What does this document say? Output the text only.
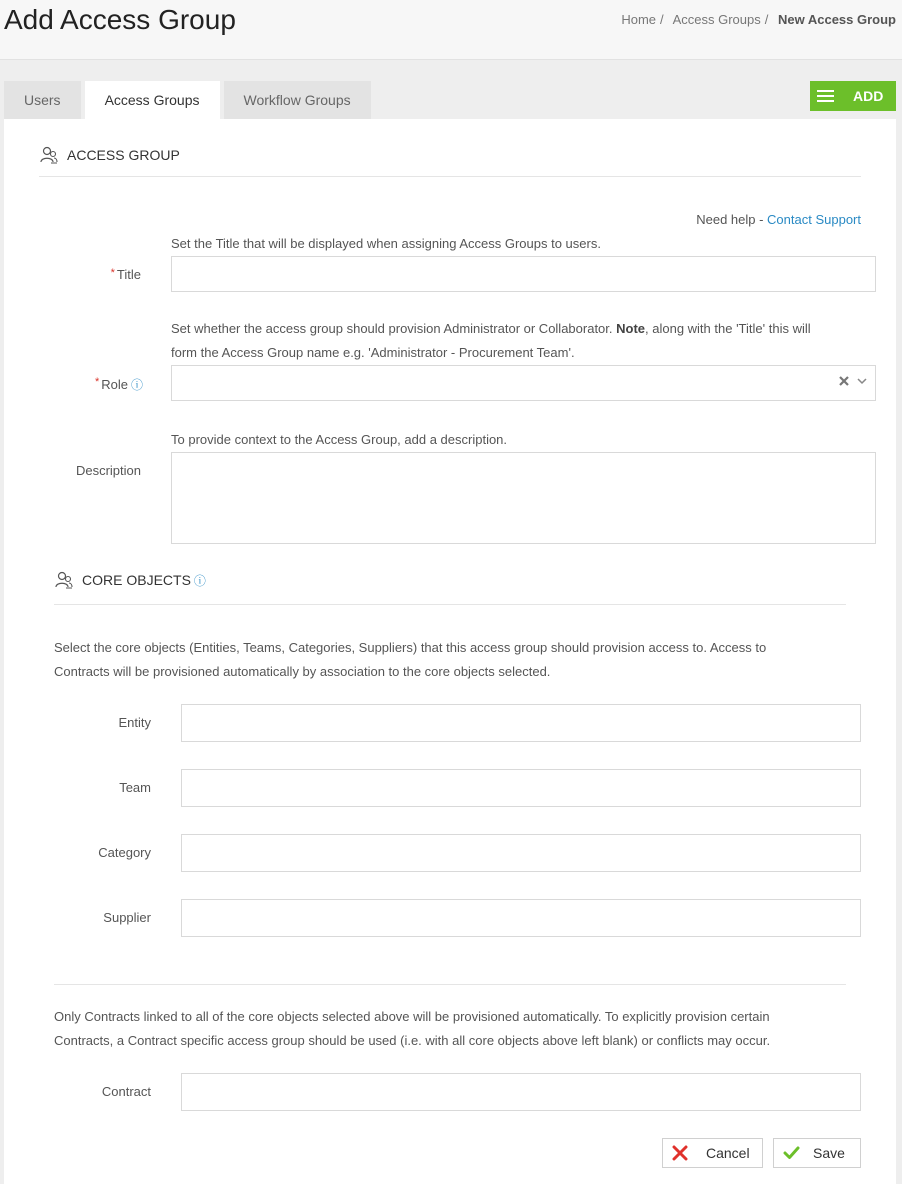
Add Access Group	Home / Access Groups / New Access Group
Users	Access Groups	Workflow Groups	ADD
ACCESS GROUP
Need help - Contact Support
Set the Title that will be displayed when assigning Access Groups to users.
* Title
Set whether the access group should provision Administrator or Collaborator. Note, along with the 'Title' this will
form the Access Group name e.g. 'Administrator - Procurement Team'.
* Role ⓘ
To provide context to the Access Group, add a description.
Description
CORE OBJECTS ⓘ
Select the core objects (Entities, Teams, Categories, Suppliers) that this access group should provision access to. Access to
Contracts will be provisioned automatically by association to the core objects selected.
Entity
Team
Category
Supplier
Only Contracts linked to all of the core objects selected above will be provisioned automatically. To explicitly provision certain
Contracts, a Contract specific access group should be used (i.e. with all core objects above left blank) or conflicts may occur.
Contract
Cancel	Save
